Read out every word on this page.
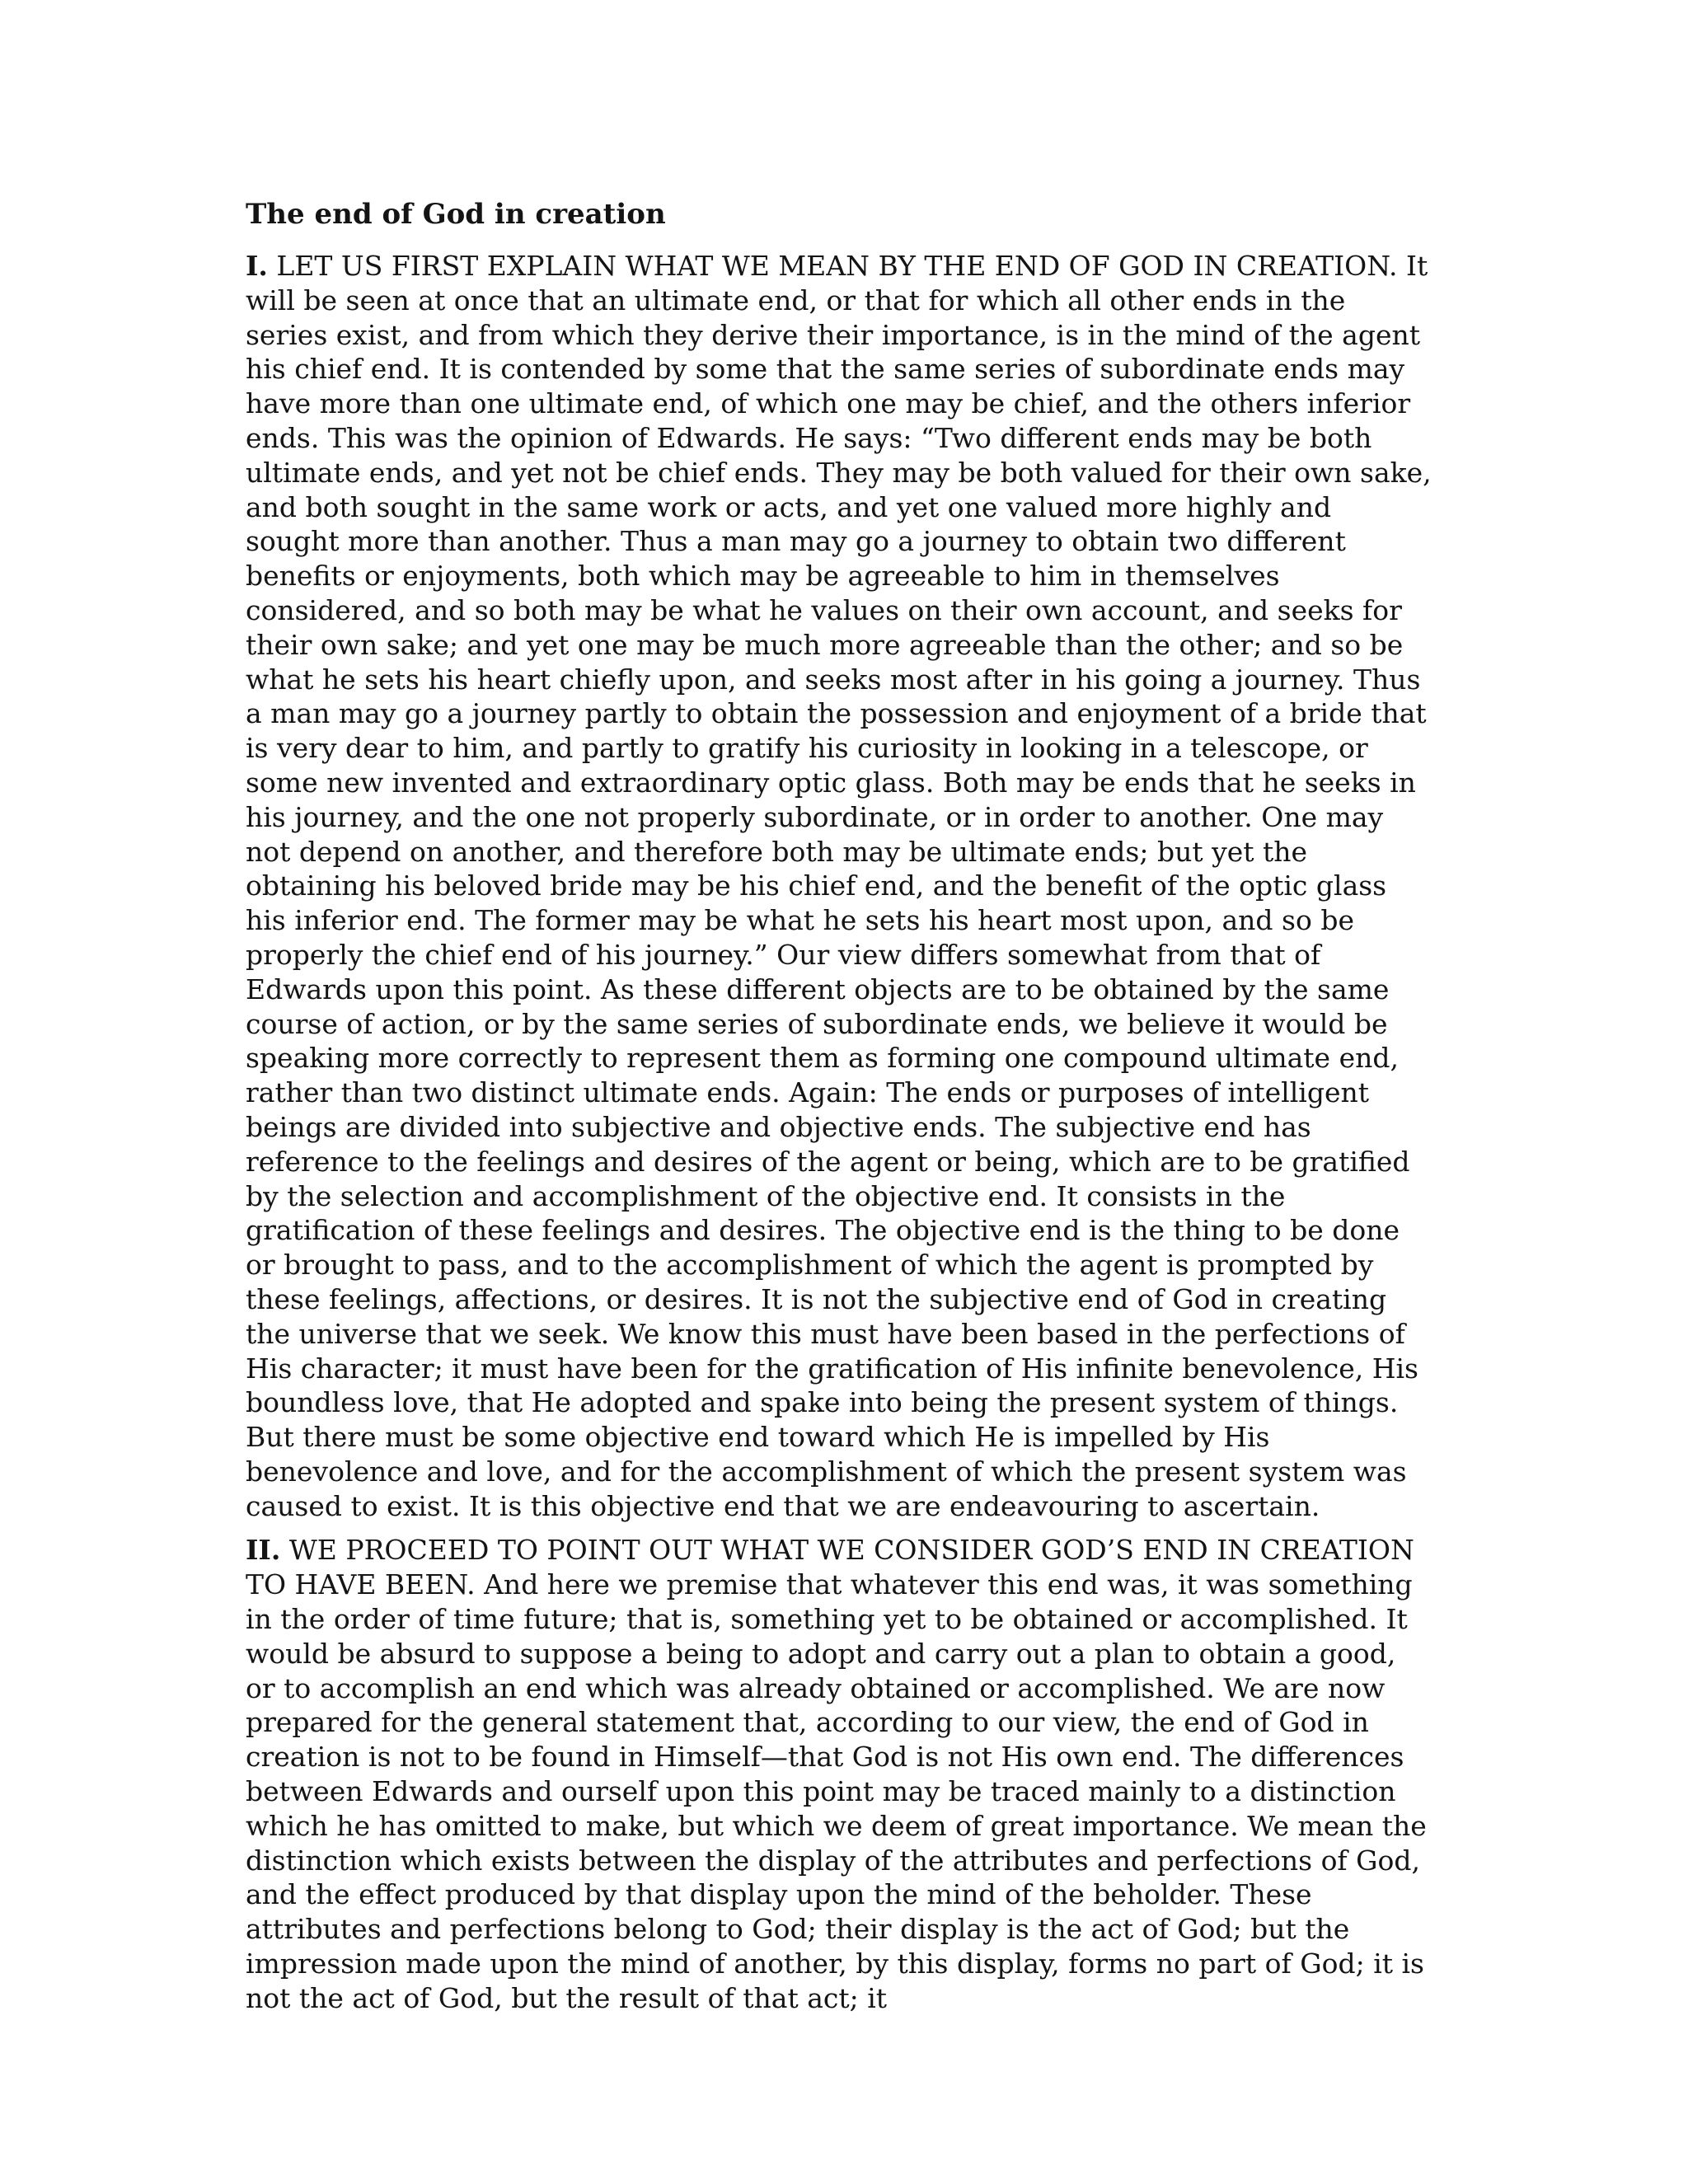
The end of God in creation

I. LET US FIRST EXPLAIN WHAT WE MEAN BY THE END OF GOD IN CREATION. It will be seen at once that an ultimate end, or that for which all other ends in the series exist, and from which they derive their importance, is in the mind of the agent his chief end. It is contended by some that the same series of subordinate ends may have more than one ultimate end, of which one may be chief, and the others inferior ends. This was the opinion of Edwards. He says: “Two different ends may be both ultimate ends, and yet not be chief ends. They may be both valued for their own sake, and both sought in the same work or acts, and yet one valued more highly and sought more than another. Thus a man may go a journey to obtain two different benefits or enjoyments, both which may be agreeable to him in themselves considered, and so both may be what he values on their own account, and seeks for their own sake; and yet one may be much more agreeable than the other; and so be what he sets his heart chiefly upon, and seeks most after in his going a journey. Thus a man may go a journey partly to obtain the possession and enjoyment of a bride that is very dear to him, and partly to gratify his curiosity in looking in a telescope, or some new invented and extraordinary optic glass. Both may be ends that he seeks in his journey, and the one not properly subordinate, or in order to another. One may not depend on another, and therefore both may be ultimate ends; but yet the obtaining his beloved bride may be his chief end, and the benefit of the optic glass his inferior end. The former may be what he sets his heart most upon, and so be properly the chief end of his journey.” Our view differs somewhat from that of Edwards upon this point. As these different objects are to be obtained by the same course of action, or by the same series of subordinate ends, we believe it would be speaking more correctly to represent them as forming one compound ultimate end, rather than two distinct ultimate ends. Again: The ends or purposes of intelligent beings are divided into subjective and objective ends. The subjective end has reference to the feelings and desires of the agent or being, which are to be gratified by the selection and accomplishment of the objective end. It consists in the gratification of these feelings and desires. The objective end is the thing to be done or brought to pass, and to the accomplishment of which the agent is prompted by these feelings, affections, or desires. It is not the subjective end of God in creating the universe that we seek. We know this must have been based in the perfections of His character; it must have been for the gratification of His infinite benevolence, His boundless love, that He adopted and spake into being the present system of things. But there must be some objective end toward which He is impelled by His benevolence and love, and for the accomplishment of which the present system was caused to exist. It is this objective end that we are endeavouring to ascertain.

II. WE PROCEED TO POINT OUT WHAT WE CONSIDER GOD’S END IN CREATION TO HAVE BEEN. And here we premise that whatever this end was, it was something in the order of time future; that is, something yet to be obtained or accomplished. It would be absurd to suppose a being to adopt and carry out a plan to obtain a good, or to accomplish an end which was already obtained or accomplished. We are now prepared for the general statement that, according to our view, the end of God in creation is not to be found in Himself—that God is not His own end. The differences between Edwards and ourself upon this point may be traced mainly to a distinction which he has omitted to make, but which we deem of great importance. We mean the distinction which exists between the display of the attributes and perfections of God, and the effect produced by that display upon the mind of the beholder. These attributes and perfections belong to God; their display is the act of God; but the impression made upon the mind of another, by this display, forms no part of God; it is not the act of God, but the result of that act; it
